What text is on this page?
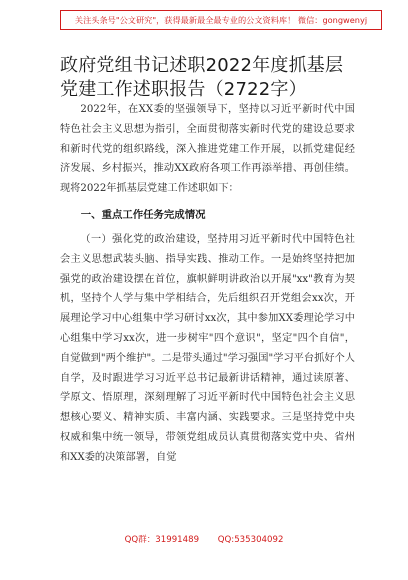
关注头条号"公文研究"，获得最新最全最专业的公文资料库！ 微信：gongwenyj
政府党组书记述职2022年度抓基层党建工作述职报告（2722字）

2022年，在XX委的坚强领导下，坚持以习近平新时代中国特色社会主义思想为指引，全面贯彻落实新时代党的建设总要求和新时代党的组织路线，深入推进党建工作开展，以抓党建促经济发展、乡村振兴，推动XX政府各项工作再添举措、再创佳绩。现将2022年抓基层党建工作述职如下：

一、重点工作任务完成情况

（一）强化党的政治建设，坚持用习近平新时代中国特色社会主义思想武装头脑、指导实践、推动工作。一是始终坚持把加强党的政治建设摆在首位，旗帜鲜明讲政治以开展"xx"教育为契机，坚持个人学与集中学相结合，先后组织召开党组会xx次，开展理论学习中心组集中学习研讨xx次，其中参加XX委理论学习中心组集中学习xx次，进一步树牢"四个意识"，坚定"四个自信"，自觉做到"两个维护"。二是带头通过"学习强国"学习平台抓好个人自学，及时跟进学习习近平总书记最新讲话精神，通过读原著、学原文、悟原理，深刻理解了习近平新时代中国特色社会主义思想核心要义、精神实质、丰富内涵、实践要求。三是坚持党中央权威和集中统一领导，带领党组成员认真贯彻落实党中央、省州和XX委的决策部署，自觉

QQ群：31991489 QQ:535304092
